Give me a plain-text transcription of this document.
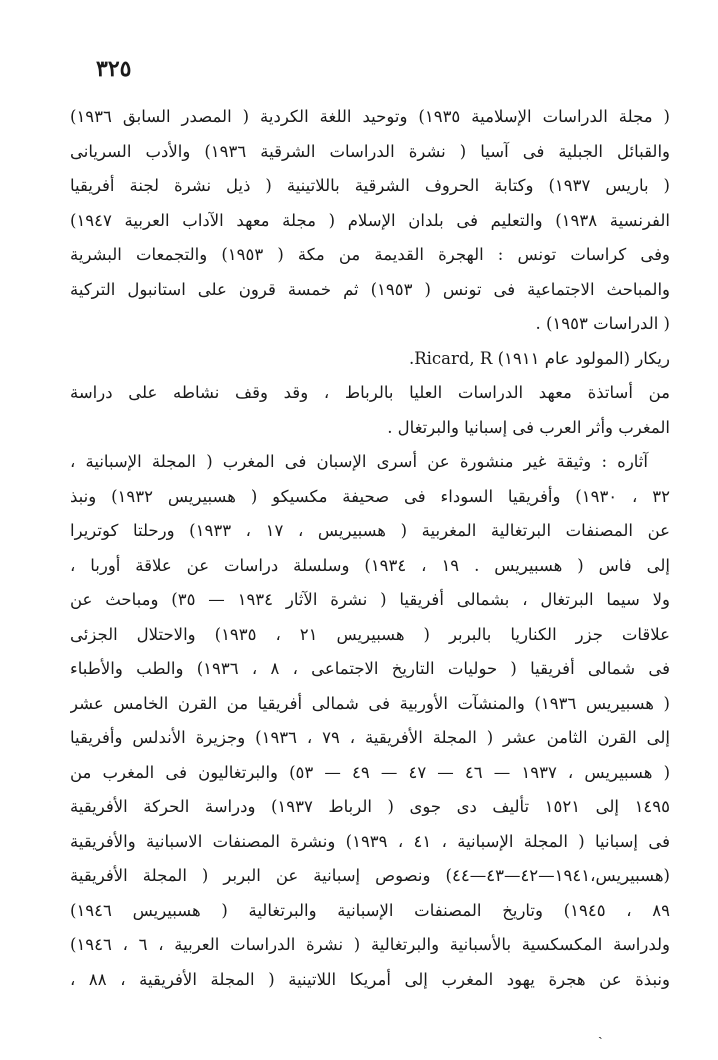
٣٢٥
( مجلة الدراسات الإسلامية ١٩٣٥) وتوحيد اللغة الكردية ( المصدر السابق ١٩٣٦)
والقبائل الجبلية فى آسيا ( نشرة الدراسات الشرقية ١٩٣٦) والأدب السريانى
( باريس ١٩٣٧) وكتابة الحروف الشرقية باللاتينية ( ذيل نشرة لجنة أفريقيا
الفرنسية ١٩٣٨) والتعليم فى بلدان الإسلام ( مجلة معهد الآداب العربية ١٩٤٧)
وفى كراسات تونس : الهجرة القديمة من مكة ( ١٩٥٣) والتجمعات البشرية
والمباحث الاجتماعية فى تونس ( ١٩٥٣) ثم خمسة قرون على استانبول التركية
( الدراسات ١٩٥٣) .
ريكار (المولود عام ١٩١١) Ricard, R.
من أساتذة معهد الدراسات العليا بالرباط ، وقد وقف نشاطه على دراسة
المغرب وأثر العرب فى إسبانيا والبرتغال .
آثاره : وثيقة غير منشورة عن أسرى الإسبان فى المغرب ( المجلة الإسبانية ،
٣٢ ، ١٩٣٠) وأفريقيا السوداء فى صحيفة مكسيكو ( هسبيريس ١٩٣٢) ونبذ
عن المصنفات البرتغالية المغربية ( هسبيريس ، ١٧ ، ١٩٣٣) ورحلتا كوتريرا
إلى فاس ( هسبيريس . ١٩ ، ١٩٣٤) وسلسلة دراسات عن علاقة أوربا ،
ولا سيما البرتغال ، بشمالى أفريقيا ( نشرة الآثار ١٩٣٤ — ٣٥) ومباحث عن
علاقات جزر الكناريا بالبربر ( هسبيريس ٢١ ، ١٩٣٥) والاحتلال الجزئى
فى شمالى أفريقيا ( حوليات التاريخ الاجتماعى ، ٨ ، ١٩٣٦) والطب والأطباء
( هسبيريس ١٩٣٦) والمنشآت الأوربية فى شمالى أفريقيا من القرن الخامس عشر
إلى القرن الثامن عشر ( المجلة الأفريقية ، ٧٩ ، ١٩٣٦) وجزيرة الأندلس وأفريقيا
( هسبيريس ، ١٩٣٧ — ٤٦ — ٤٧ — ٤٩ — ٥٣) والبرتغاليون فى المغرب من
١٤٩٥ إلى ١٥٢١ تأليف دى جوى ( الرباط ١٩٣٧) ودراسة الحركة الأفريقية
فى إسبانيا ( المجلة الإسبانية ، ٤١ ، ١٩٣٩) ونشرة المصنفات الاسبانية والأفريقية
(هسبيريس،١٩٤١—٤٢—٤٣—٤٤) ونصوص إسبانية عن البربر ( المجلة الأفريقية
٨٩ ، ١٩٤٥) وتاريخ المصنفات الإسبانية والبرتغالية ( هسبيريس ١٩٤٦)
ولدراسة المكسكسية بالأسبانية والبرتغالية ( نشرة الدراسات العربية ، ٦ ، ١٩٤٦)
ونبذة عن هجرة يهود المغرب إلى أمريكا اللاتينية ( المجلة الأفريقية ، ٨٨ ،
ˎ
